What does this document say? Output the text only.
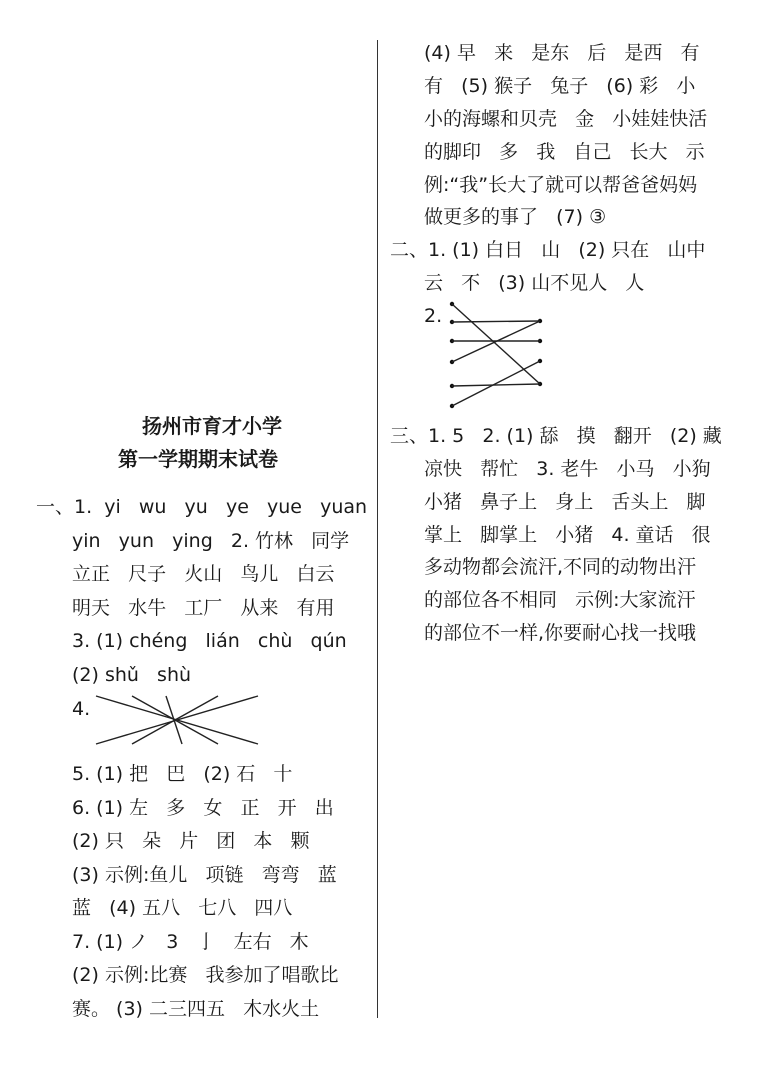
扬州市育才小学
第一学期期末试卷
一、1.  yi   wu   yu   ye   yue   yuan
yin   yun   ying   2. 竹林   同学
立正   尺子   火山   鸟儿   白云
明天   水牛   工厂   从来   有用
3. (1) chéng   lián   chù   qún
(2) shǔ   shù
4.
5. (1) 把   巴   (2) 石   十
6. (1) 左   多   女   正   开   出
(2) 只   朵   片   团   本   颗
(3) 示例:鱼儿   项链   弯弯   蓝
蓝   (4) 五八   七八   四八
7. (1) ノ   3   亅   左右   木
(2) 示例:比赛   我参加了唱歌比
赛。 (3) 二三四五   木水火土
(4) 早   来   是东   后   是西   有
有   (5) 猴子   兔子   (6) 彩   小
小的海螺和贝壳   金   小娃娃快活
的脚印   多   我   自己   长大   示
例:“我”长大了就可以帮爸爸妈妈
做更多的事了   (7) ③
二、1. (1) 白日   山   (2) 只在   山中
云   不   (3) 山不见人   人
2.
三、1. 5   2. (1) 舔   摸   翻开   (2) 藏
凉快   帮忙   3. 老牛   小马   小狗
小猪   鼻子上   身上   舌头上   脚
掌上   脚掌上   小猪   4. 童话   很
多动物都会流汗,不同的动物出汗
的部位各不相同   示例:大家流汗
的部位不一样,你要耐心找一找哦
